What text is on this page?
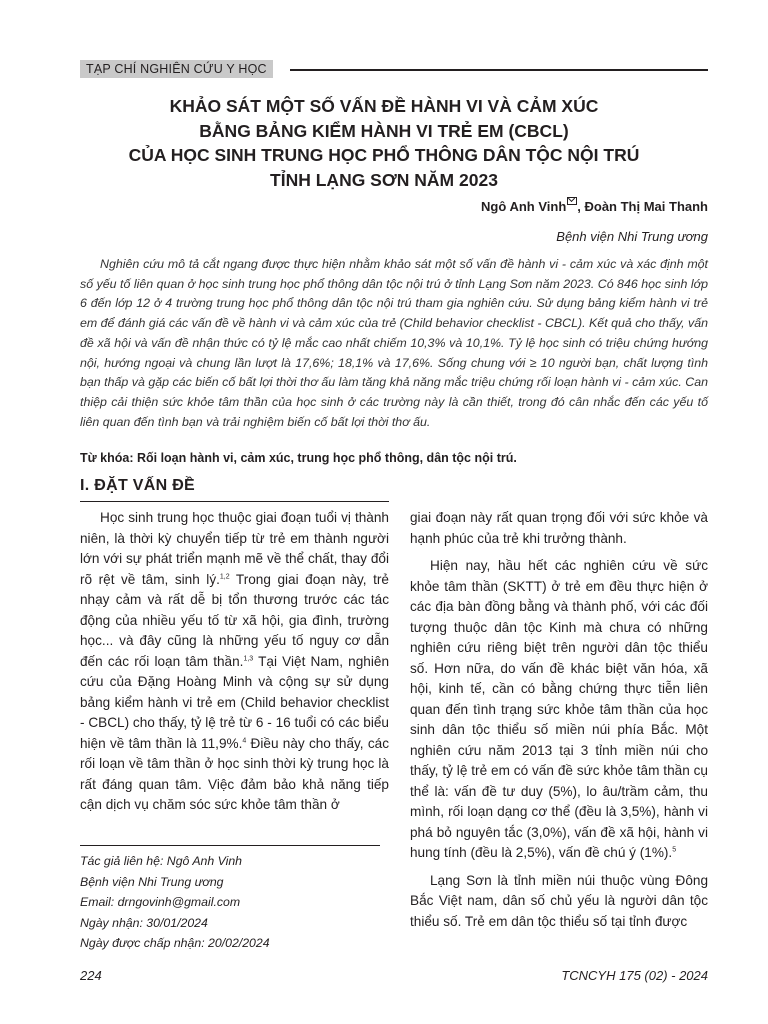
TẠP CHÍ NGHIÊN CỨU Y HỌC
KHẢO SÁT MỘT SỐ VẤN ĐỀ HÀNH VI VÀ CẢM XÚC
BẰNG BẢNG KIỂM HÀNH VI TRẺ EM (CBCL)
CỦA HỌC SINH TRUNG HỌC PHỔ THÔNG DÂN TỘC NỘI TRÚ
TỈNH LẠNG SƠN NĂM 2023
Ngô Anh Vinh , Đoàn Thị Mai Thanh
Bệnh viện Nhi Trung ương

Nghiên cứu mô tả cắt ngang được thực hiện nhằm khảo sát một số vấn đề hành vi - cảm xúc và xác định một số yếu tố liên quan ở học sinh trung học phổ thông dân tộc nội trú ở tỉnh Lạng Sơn năm 2023. Có 846 học sinh lớp 6 đến lớp 12 ở 4 trường trung học phổ thông dân tộc nội trú tham gia nghiên cứu. Sử dụng bảng kiểm hành vi trẻ em để đánh giá các vấn đề về hành vi và cảm xúc của trẻ (Child behavior checklist - CBCL). Kết quả cho thấy, vấn đề xã hội và vấn đề nhận thức có tỷ lệ mắc cao nhất chiếm 10,3% và 10,1%. Tỷ lệ học sinh có triệu chứng hướng nội, hướng ngoại và chung lần lượt là 17,6%; 18,1% và 17,6%. Sống chung với ≥ 10 người bạn, chất lượng tình bạn thấp và gặp các biến cố bất lợi thời thơ ấu làm tăng khả năng mắc triệu chứng rối loạn hành vi - cảm xúc. Can thiệp cải thiện sức khỏe tâm thần của học sinh ở các trường này là cần thiết, trong đó cân nhắc đến các yếu tố liên quan đến tình bạn và trải nghiệm biến cố bất lợi thời thơ ấu.

Từ khóa: Rối loạn hành vi, cảm xúc, trung học phổ thông, dân tộc nội trú.
I. ĐẶT VẤN ĐỀ

Học sinh trung học thuộc giai đoạn tuổi vị thành niên, là thời kỳ chuyển tiếp từ trẻ em thành người lớn với sự phát triển mạnh mẽ về thể chất, thay đổi rõ rệt về tâm, sinh lý.$^{1,2}$ Trong giai đoạn này, trẻ nhạy cảm và rất dễ bị tổn thương trước các tác động của nhiều yếu tố từ xã hội, gia đình, trường học... và đây cũng là những yếu tố nguy cơ dẫn đến các rối loạn tâm thần.$^{1,3}$ Tại Việt Nam, nghiên cứu của Đặng Hoàng Minh và cộng sự sử dụng bảng kiểm hành vi trẻ em (Child behavior checklist - CBCL) cho thấy, tỷ lệ trẻ từ 6 - 16 tuổi có các biểu hiện về tâm thần là 11,9%.$^4$ Điều này cho thấy, các rối loạn về tâm thần ở học sinh thời kỳ trung học là rất đáng quan tâm. Việc đảm bảo khả năng tiếp cận dịch vụ chăm sóc sức khỏe tâm thần ở

giai đoạn này rất quan trọng đối với sức khỏe và hạnh phúc của trẻ khi trưởng thành.

Hiện nay, hầu hết các nghiên cứu về sức khỏe tâm thần (SKTT) ở trẻ em đều thực hiện ở các địa bàn đồng bằng và thành phố, với các đối tượng thuộc dân tộc Kinh mà chưa có những nghiên cứu riêng biệt trên người dân tộc thiểu số. Hơn nữa, do vấn đề khác biệt văn hóa, xã hội, kinh tế, cần có bằng chứng thực tiễn liên quan đến tình trạng sức khỏe tâm thần của học sinh dân tộc thiểu số miền núi phía Bắc. Một nghiên cứu năm 2013 tại 3 tỉnh miền núi cho thấy, tỷ lệ trẻ em có vấn đề sức khỏe tâm thần cụ thể là: vấn đề tư duy (5%), lo âu/trầm cảm, thu mình, rối loạn dạng cơ thể (đều là 3,5%), hành vi phá bỏ nguyên tắc (3,0%), vấn đề xã hội, hành vi hung tính (đều là 2,5%), vấn đề chú ý (1%).$^5$

Lạng Sơn là tỉnh miền núi thuộc vùng Đông Bắc Việt nam, dân số chủ yếu là người dân tộc thiểu số. Trẻ em dân tộc thiểu số tại tỉnh được

Tác giả liên hệ: Ngô Anh Vinh
Bệnh viện Nhi Trung ương
Email: drngovinh@gmail.com
Ngày nhận: 30/01/2024
Ngày được chấp nhận: 20/02/2024
224	TCNCYH 175 (02) - 2024
